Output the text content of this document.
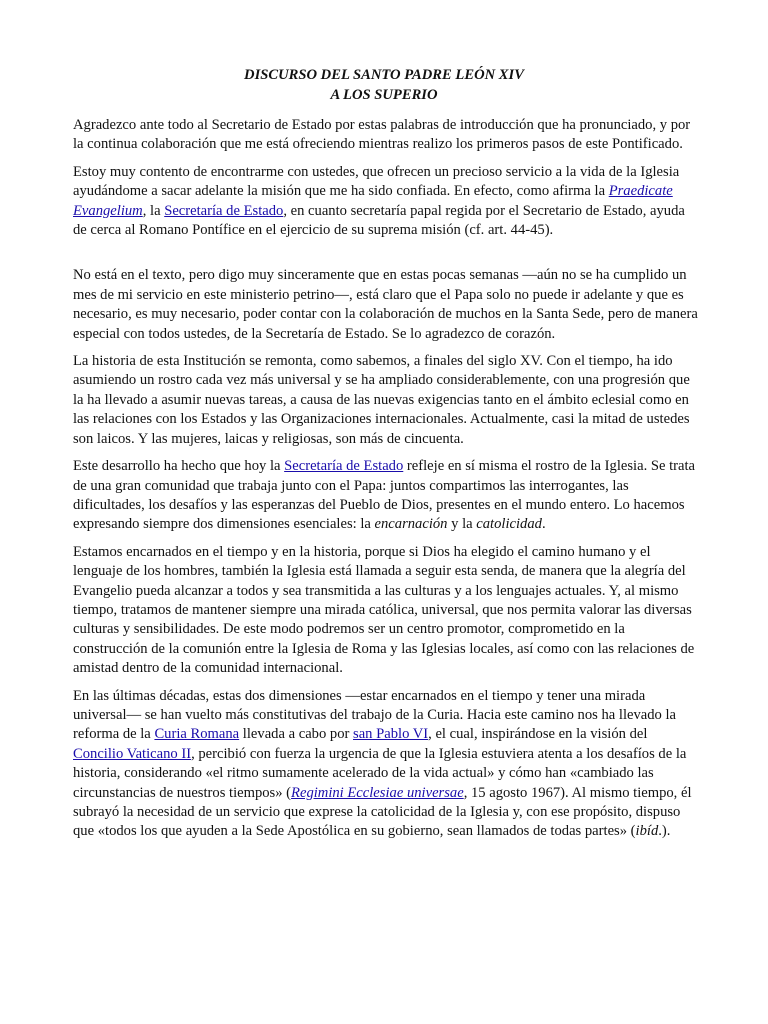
DISCURSO DEL SANTO PADRE LEÓN XIV
A LOS SUPERIO

Agradezco ante todo al Secretario de Estado por estas palabras de introducción que ha pronunciado, y por la continua colaboración que me está ofreciendo mientras realizo los primeros pasos de este Pontificado.

Estoy muy contento de encontrarme con ustedes, que ofrecen un precioso servicio a la vida de la Iglesia ayudándome a sacar adelante la misión que me ha sido confiada. En efecto, como afirma la Praedicate Evangelium, la Secretaría de Estado, en cuanto secretaría papal regida por el Secretario de Estado, ayuda de cerca al Romano Pontífice en el ejercicio de su suprema misión (cf. art. 44-45).

No está en el texto, pero digo muy sinceramente que en estas pocas semanas —aún no se ha cumplido un mes de mi servicio en este ministerio petrino—, está claro que el Papa solo no puede ir adelante y que es necesario, es muy necesario, poder contar con la colaboración de muchos en la Santa Sede, pero de manera especial con todos ustedes, de la Secretaría de Estado. Se lo agradezco de corazón.

La historia de esta Institución se remonta, como sabemos, a finales del siglo XV. Con el tiempo, ha ido asumiendo un rostro cada vez más universal y se ha ampliado considerablemente, con una progresión que la ha llevado a asumir nuevas tareas, a causa de las nuevas exigencias tanto en el ámbito eclesial como en las relaciones con los Estados y las Organizaciones internacionales. Actualmente, casi la mitad de ustedes son laicos. Y las mujeres, laicas y religiosas, son más de cincuenta.

Este desarrollo ha hecho que hoy la Secretaría de Estado refleje en sí misma el rostro de la Iglesia. Se trata de una gran comunidad que trabaja junto con el Papa: juntos compartimos las interrogantes, las dificultades, los desafíos y las esperanzas del Pueblo de Dios, presentes en el mundo entero. Lo hacemos expresando siempre dos dimensiones esenciales: la encarnación y la catolicidad.

Estamos encarnados en el tiempo y en la historia, porque si Dios ha elegido el camino humano y el lenguaje de los hombres, también la Iglesia está llamada a seguir esta senda, de manera que la alegría del Evangelio pueda alcanzar a todos y sea transmitida a las culturas y a los lenguajes actuales. Y, al mismo tiempo, tratamos de mantener siempre una mirada católica, universal, que nos permita valorar las diversas culturas y sensibilidades. De este modo podremos ser un centro promotor, comprometido en la construcción de la comunión entre la Iglesia de Roma y las Iglesias locales, así como con las relaciones de amistad dentro de la comunidad internacional.

En las últimas décadas, estas dos dimensiones —estar encarnados en el tiempo y tener una mirada universal— se han vuelto más constitutivas del trabajo de la Curia. Hacia este camino nos ha llevado la reforma de la Curia Romana llevada a cabo por san Pablo VI, el cual, inspirándose en la visión del Concilio Vaticano II, percibió con fuerza la urgencia de que la Iglesia estuviera atenta a los desafíos de la historia, considerando «el ritmo sumamente acelerado de la vida actual» y cómo han «cambiado las circunstancias de nuestros tiempos» (Regimini Ecclesiae universae, 15 agosto 1967). Al mismo tiempo, él subrayó la necesidad de un servicio que exprese la catolicidad de la Iglesia y, con ese propósito, dispuso que «todos los que ayuden a la Sede Apostólica en su gobierno, sean llamados de todas partes» (ibíd.).
